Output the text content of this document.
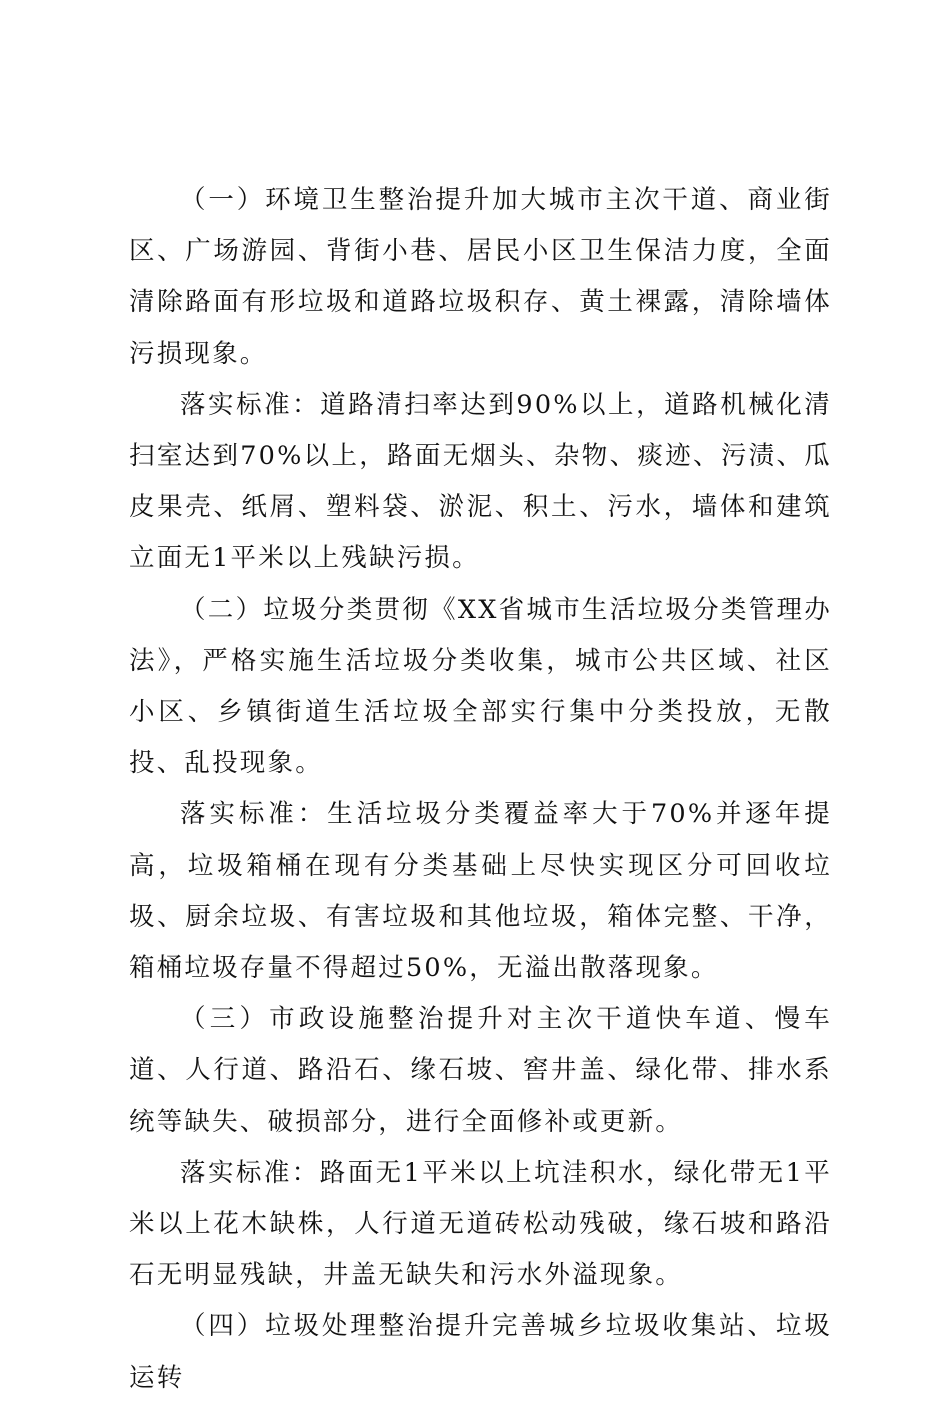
（一）环境卫生整治提升加大城市主次干道、商业街区、广场游园、背街小巷、居民小区卫生保洁力度，全面清除路面有形垃圾和道路垃圾积存、黄土裸露，清除墙体污损现象。

落实标准：道路清扫率达到90%以上，道路机械化清扫室达到70%以上，路面无烟头、杂物、痰迹、污渍、瓜皮果壳、纸屑、塑料袋、淤泥、积土、污水，墙体和建筑立面无1平米以上残缺污损。

（二）垃圾分类贯彻《XX省城市生活垃圾分类管理办法》，严格实施生活垃圾分类收集，城市公共区域、社区小区、乡镇街道生活垃圾全部实行集中分类投放，无散投、乱投现象。

落实标准：生活垃圾分类覆益率大于70%并逐年提高，垃圾箱桶在现有分类基础上尽快实现区分可回收垃圾、厨余垃圾、有害垃圾和其他垃圾，箱体完整、干净，箱桶垃圾存量不得超过50%，无溢出散落现象。

（三）市政设施整治提升对主次干道快车道、慢车道、人行道、路沿石、缘石坡、窖井盖、绿化带、排水系统等缺失、破损部分，进行全面修补或更新。

落实标准：路面无1平米以上坑洼积水，绿化带无1平米以上花木缺株，人行道无道砖松动残破，缘石坡和路沿石无明显残缺，井盖无缺失和污水外溢现象。

（四）垃圾处理整治提升完善城乡垃圾收集站、垃圾运转
